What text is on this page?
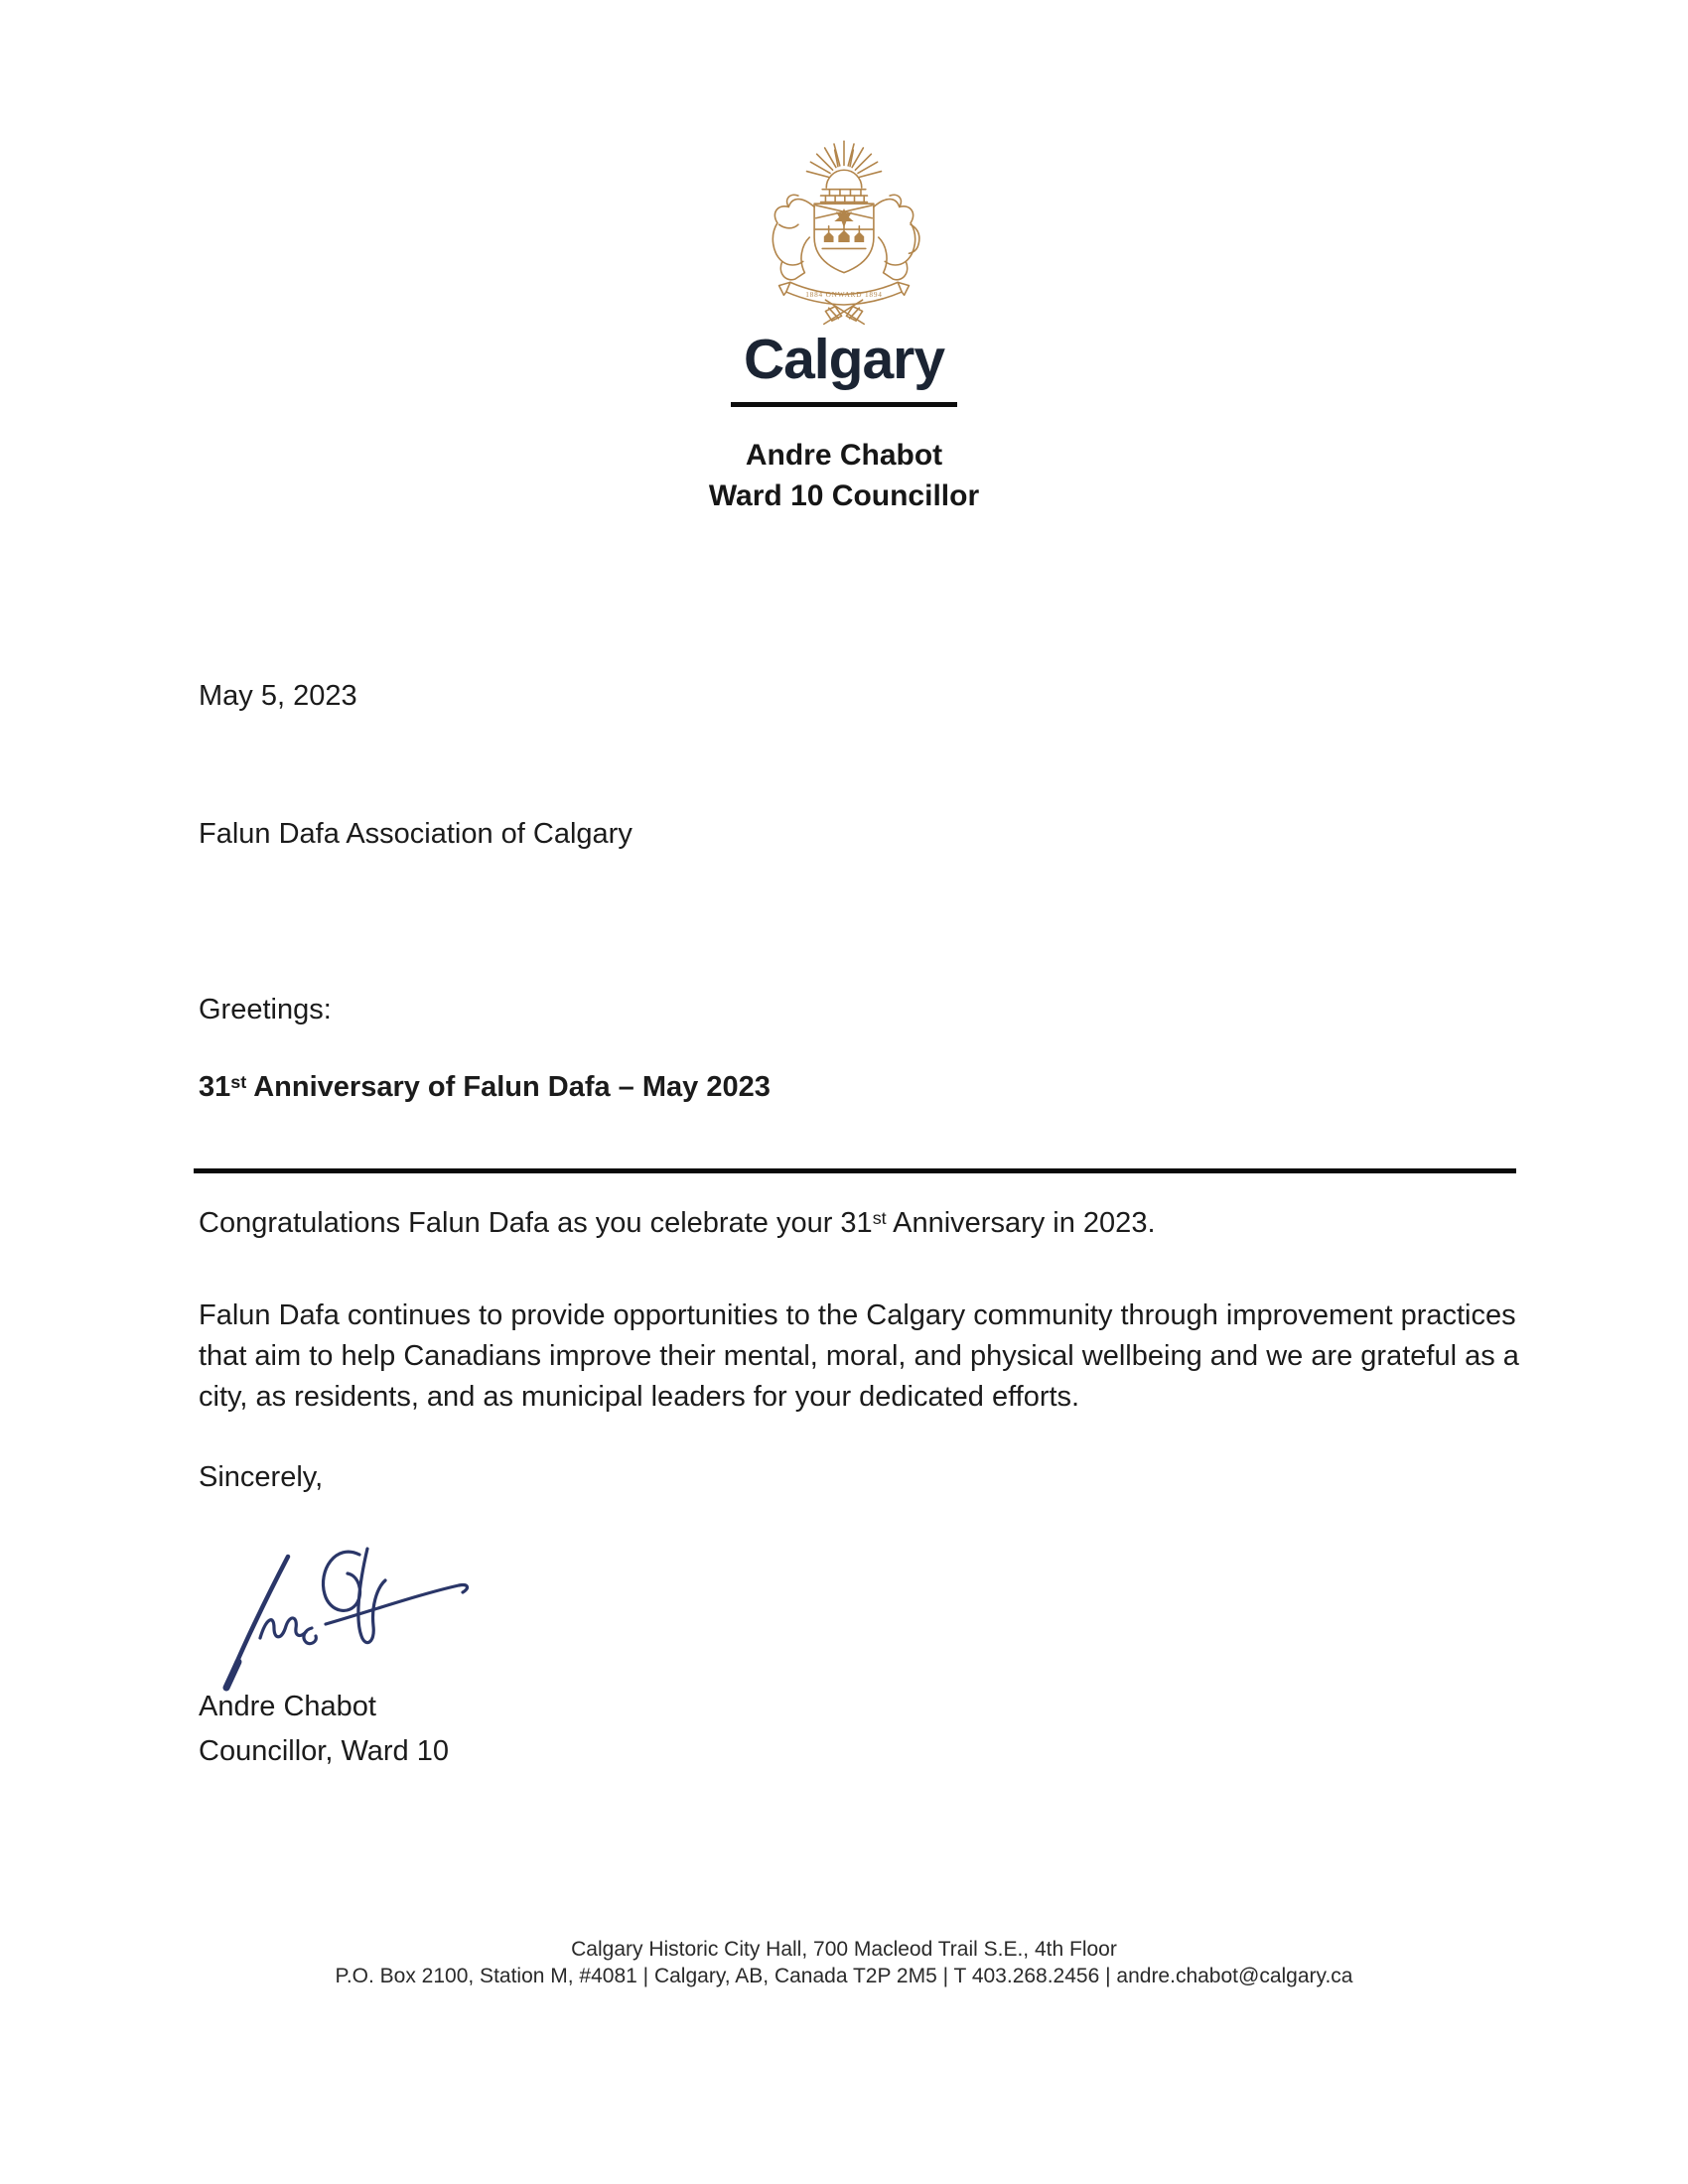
1884 ONWARD 1894
Calgary
Andre Chabot
Ward 10 Councillor
May 5, 2023
Falun Dafa Association of Calgary
Greetings:
31st Anniversary of Falun Dafa – May 2023
Congratulations Falun Dafa as you celebrate your 31st Anniversary in 2023.
Falun Dafa continues to provide opportunities to the Calgary community through improvement practices that aim to help Canadians improve their mental, moral, and physical wellbeing and we are grateful as a city, as residents, and as municipal leaders for your dedicated efforts.
Sincerely,
Andre Chabot
Councillor, Ward 10
Calgary Historic City Hall, 700 Macleod Trail S.E., 4th Floor
P.O. Box 2100, Station M, #4081 | Calgary, AB, Canada T2P 2M5 | T 403.268.2456 | andre.chabot@calgary.ca
